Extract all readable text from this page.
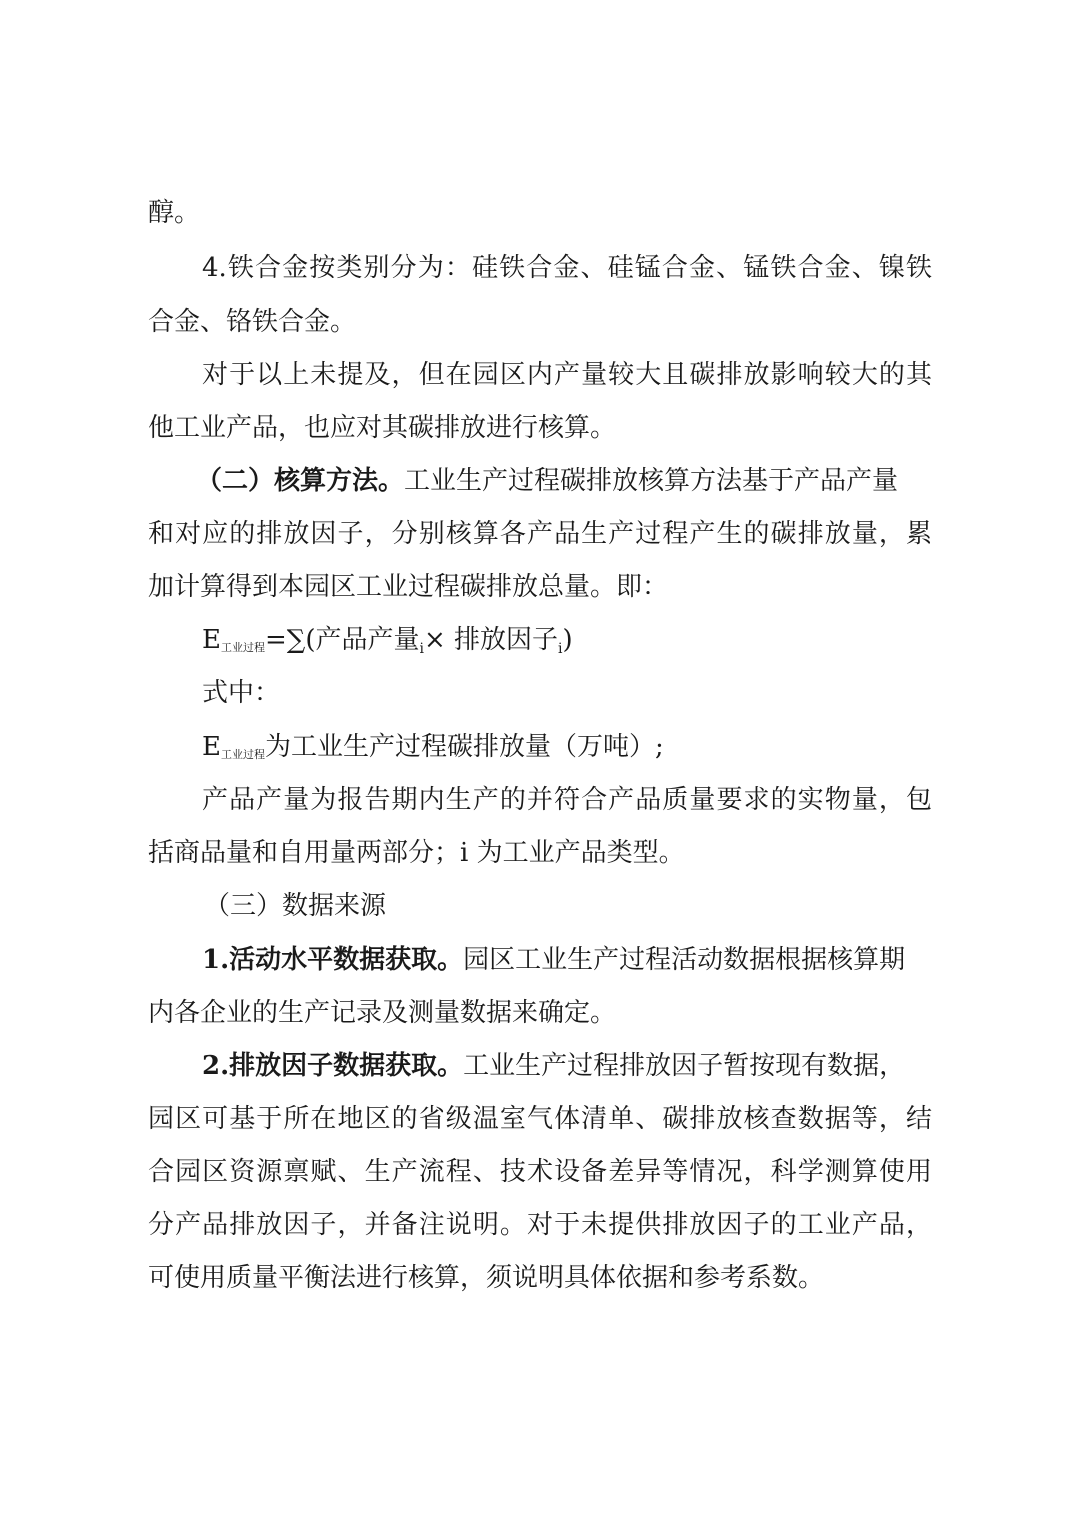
醇。
4.铁合金按类别分为：硅铁合金、硅锰合金、锰铁合金、镍铁
合金、铬铁合金。
对于以上未提及，但在园区内产量较大且碳排放影响较大的其
他工业产品，也应对其碳排放进行核算。
（二）核算方法。工业生产过程碳排放核算方法基于产品产量
和对应的排放因子，分别核算各产品生产过程产生的碳排放量，累
加计算得到本园区工业过程碳排放总量。即：
$E_{工业过程}=\sum$(产品产量i× 排放因子i)
式中：
$E_{工业过程}$为工业生产过程碳排放量（万吨）;
产品产量为报告期内生产的并符合产品质量要求的实物量，包
括商品量和自用量两部分；i 为工业产品类型。
（三）数据来源
1.活动水平数据获取。园区工业生产过程活动数据根据核算期
内各企业的生产记录及测量数据来确定。
2.排放因子数据获取。工业生产过程排放因子暂按现有数据，
园区可基于所在地区的省级温室气体清单、碳排放核查数据等，结
合园区资源禀赋、生产流程、技术设备差异等情况，科学测算使用
分产品排放因子，并备注说明。对于未提供排放因子的工业产品，
可使用质量平衡法进行核算，须说明具体依据和参考系数。
